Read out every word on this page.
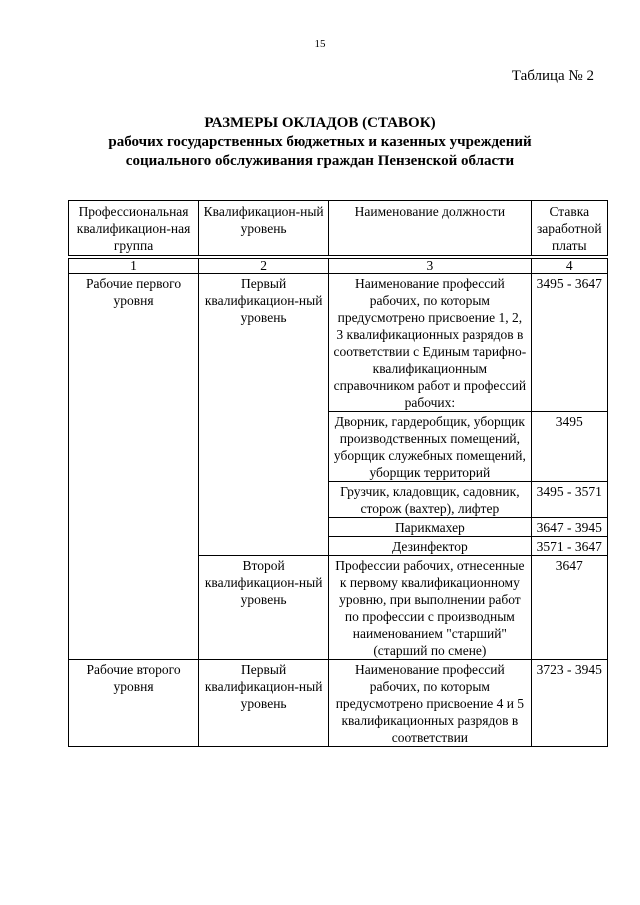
15
Таблица № 2
РАЗМЕРЫ ОКЛАДОВ (СТАВОК)
рабочих государственных бюджетных и казенных учреждений
социального обслуживания граждан Пензенской области
Профессиональная квалификацион-ная группа	Квалификацион-ный уровень	Наименование должности	Ставка заработной платы
1	2	3	4
Рабочие первого уровня	Первый квалификацион-ный уровень	Наименование профессий рабочих, по которым предусмотрено присвоение 1, 2, 3 квалификационных разрядов в соответствии с Единым тарифно-квалификационным справочником работ и профессий рабочих:	3495 - 3647
		Дворник, гардеробщик, уборщик производственных помещений, уборщик служебных помещений, уборщик территорий	3495
		Грузчик, кладовщик, садовник, сторож (вахтер), лифтер	3495 - 3571
		Парикмахер	3647 - 3945
		Дезинфектор	3571 - 3647
	Второй квалификацион-ный уровень	Профессии рабочих, отнесенные к первому квалификационному уровню, при выполнении работ по профессии с производным наименованием "старший" (старший по смене)	3647
Рабочие второго уровня	Первый квалификацион-ный уровень	Наименование профессий рабочих, по которым предусмотрено присвоение 4 и 5 квалификационных разрядов в соответствии	3723 - 3945
